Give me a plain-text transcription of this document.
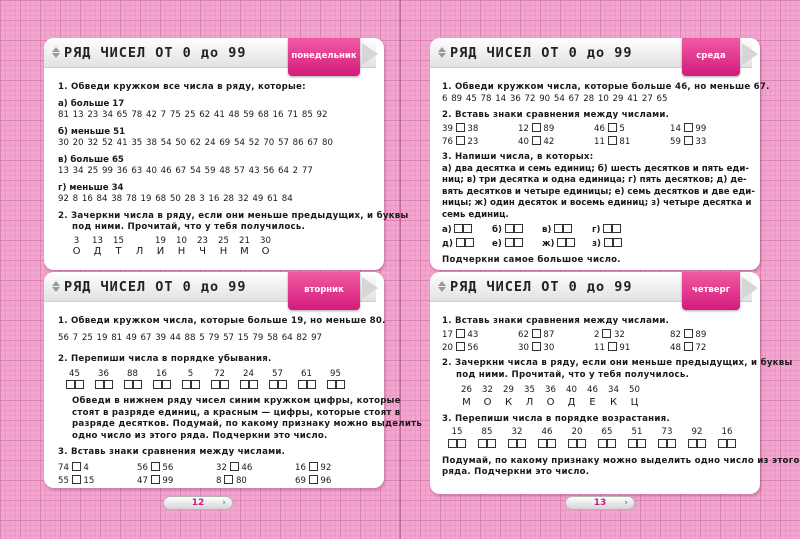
РЯД ЧИСЕЛ ОТ 0 до 99	понедельник
1. Обведи кружком все числа в ряду, которые:
а) больше 17
81 13 23 34 65 78 42 7 75 25 62 41 48 59 68 16 71 85 92
б) меньше 51
30 20 32 52 41 35 38 54 50 62 24 69 54 52 70 57 86 67 80
в) больше 65
13 34 25 99 36 63 40 46 67 54 59 48 57 43 56 64 2 77
г) меньше 34
92 8 16 84 38 78 19 68 50 28 3 16 28 32 49 61 84
2. Зачеркни числа в ряду, если они меньше предыдущих, и буквы
под ними. Прочитай, что у тебя получилось.
3	13	15	19	10	23	25	21	30
О	Д	Т	Л	И	Н	Ч	Н	М	О
РЯД ЧИСЕЛ ОТ 0 до 99	вторник
1. Обведи кружком числа, которые больше 19, но меньше 80.
56 7 25 19 81 49 67 39 44 88 5 79 57 15 79 58 64 82 97
2. Перепиши числа в порядке убывания.
45	36	88	16	5	72	24	57	61	95
Обведи в нижнем ряду чисел синим кружком цифры, которые
стоят в разряде единиц, а красным — цифры, которые стоят в
разряде десятков. Подумай, по какому признаку можно выделить
одно число из этого ряда. Подчеркни это число.
3. Вставь знаки сравнения между числами.
74 4	56 56	32 46	16 92
55 15	47 99	8 80	69 96
12 ›
РЯД ЧИСЕЛ ОТ 0 до 99	среда
1. Обведи кружком числа, которые больше 46, но меньше 67.
6 89 45 78 14 36 72 90 54 67 28 10 29 41 27 65
2. Вставь знаки сравнения между числами.
39 38	12 89	46 5	14 99
76 23	40 42	11 81	59 33
3. Напиши числа, в которых:
а) два десятка и семь единиц; б) шесть десятков и пять еди-
ниц; в) три десятка и одна единица; г) пять десятков; д) де-
вять десятков и четыре единицы; е) семь десятков и две еди-
ницы; ж) один десяток и восемь единиц; з) четыре десятка и
семь единиц.
а)	б)	в)	г)
д)	е)	ж)	з)
Подчеркни самое большое число.
РЯД ЧИСЕЛ ОТ 0 до 99	четверг
1. Вставь знаки сравнения между числами.
17 43	62 87	2 32	82 89
20 56	30 30	11 91	48 72
2. Зачеркни числа в ряду, если они меньше предыдущих, и буквы
под ними. Прочитай, что у тебя получилось.
26	32	29	35	36	40	46	34	50
М	О	К	Л	О	Д	Е	К	Ц
3. Перепиши числа в порядке возрастания.
15	85	32	46	20	65	51	73	92	16
Подумай, по какому признаку можно выделить одно число из этого
ряда. Подчеркни это число.
13 ›
